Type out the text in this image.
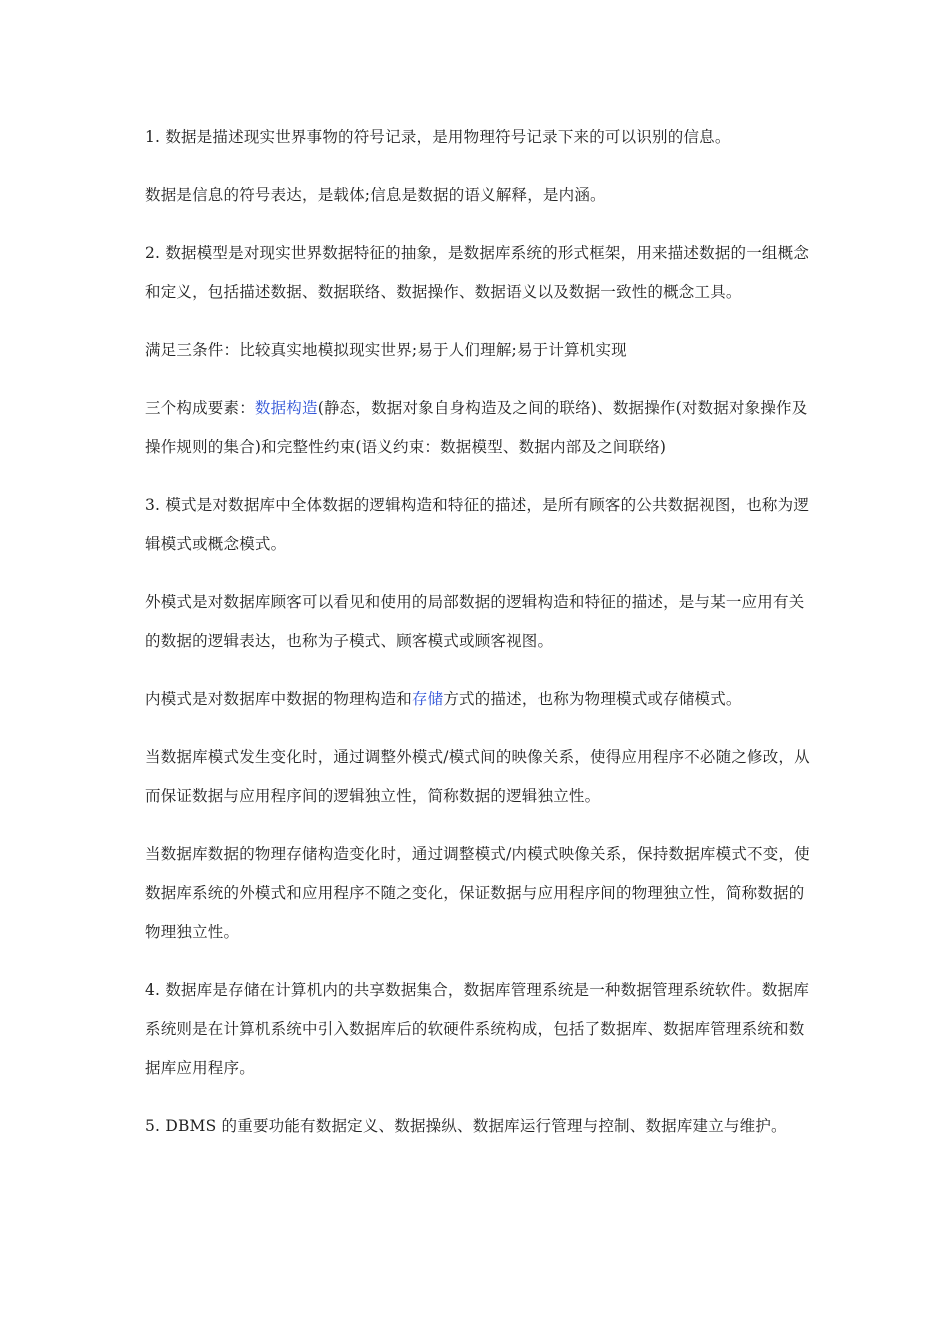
1. 数据是描述现实世界事物的符号记录，是用物理符号记录下来的可以识别的信息。

数据是信息的符号表达，是载体;信息是数据的语义解释，是内涵。

2. 数据模型是对现实世界数据特征的抽象，是数据库系统的形式框架，用来描述数据的一组概念和定义，包括描述数据、数据联络、数据操作、数据语义以及数据一致性的概念工具。

满足三条件：比较真实地模拟现实世界;易于人们理解;易于计算机实现

三个构成要素：数据构造(静态，数据对象自身构造及之间的联络)、数据操作(对数据对象操作及操作规则的集合)和完整性约束(语义约束：数据模型、数据内部及之间联络)

3. 模式是对数据库中全体数据的逻辑构造和特征的描述，是所有顾客的公共数据视图，也称为逻辑模式或概念模式。

外模式是对数据库顾客可以看见和使用的局部数据的逻辑构造和特征的描述，是与某一应用有关的数据的逻辑表达，也称为子模式、顾客模式或顾客视图。

内模式是对数据库中数据的物理构造和存储方式的描述，也称为物理模式或存储模式。

当数据库模式发生变化时，通过调整外模式/模式间的映像关系，使得应用程序不必随之修改，从而保证数据与应用程序间的逻辑独立性，简称数据的逻辑独立性。

当数据库数据的物理存储构造变化时，通过调整模式/内模式映像关系，保持数据库模式不变，使数据库系统的外模式和应用程序不随之变化，保证数据与应用程序间的物理独立性，简称数据的物理独立性。

4. 数据库是存储在计算机内的共享数据集合，数据库管理系统是一种数据管理系统软件。数据库系统则是在计算机系统中引入数据库后的软硬件系统构成，包括了数据库、数据库管理系统和数据库应用程序。

5. DBMS 的重要功能有数据定义、数据操纵、数据库运行管理与控制、数据库建立与维护。
